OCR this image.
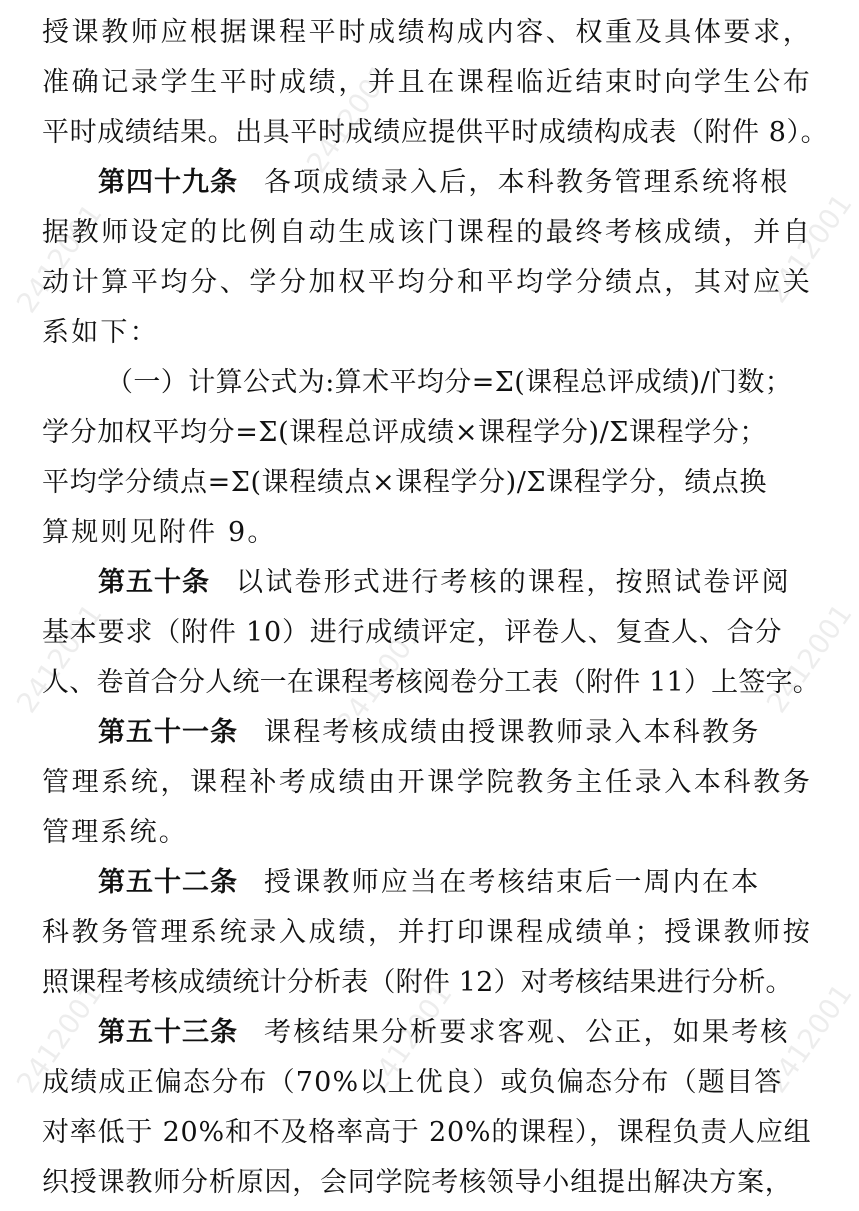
2412001
2412001
2412001
2412001	2412001	2412001
2412001	2412001	2412001
授课教师应根据课程平时成绩构成内容、权重及具体要求，
准确记录学生平时成绩，并且在课程临近结束时向学生公布
平时成绩结果。出具平时成绩应提供平时成绩构成表（附件 8）。
第四十九条 各项成绩录入后，本科教务管理系统将根
据教师设定的比例自动生成该门课程的最终考核成绩，并自
动计算平均分、学分加权平均分和平均学分绩点，其对应关
系如下：
（一）计算公式为:算术平均分=Σ(课程总评成绩)/门数；
学分加权平均分=Σ(课程总评成绩×课程学分)/Σ课程学分；
平均学分绩点=Σ(课程绩点×课程学分)/Σ课程学分，绩点换
算规则见附件 9。
第五十条 以试卷形式进行考核的课程，按照试卷评阅
基本要求（附件 10）进行成绩评定，评卷人、复查人、合分
人、卷首合分人统一在课程考核阅卷分工表（附件 11）上签字。
第五十一条 课程考核成绩由授课教师录入本科教务
管理系统，课程补考成绩由开课学院教务主任录入本科教务
管理系统。
第五十二条 授课教师应当在考核结束后一周内在本
科教务管理系统录入成绩，并打印课程成绩单；授课教师按
照课程考核成绩统计分析表（附件 12）对考核结果进行分析。
第五十三条 考核结果分析要求客观、公正，如果考核
成绩成正偏态分布（70%以上优良）或负偏态分布（题目答
对率低于 20%和不及格率高于 20%的课程），课程负责人应组
织授课教师分析原因，会同学院考核领导小组提出解决方案，
